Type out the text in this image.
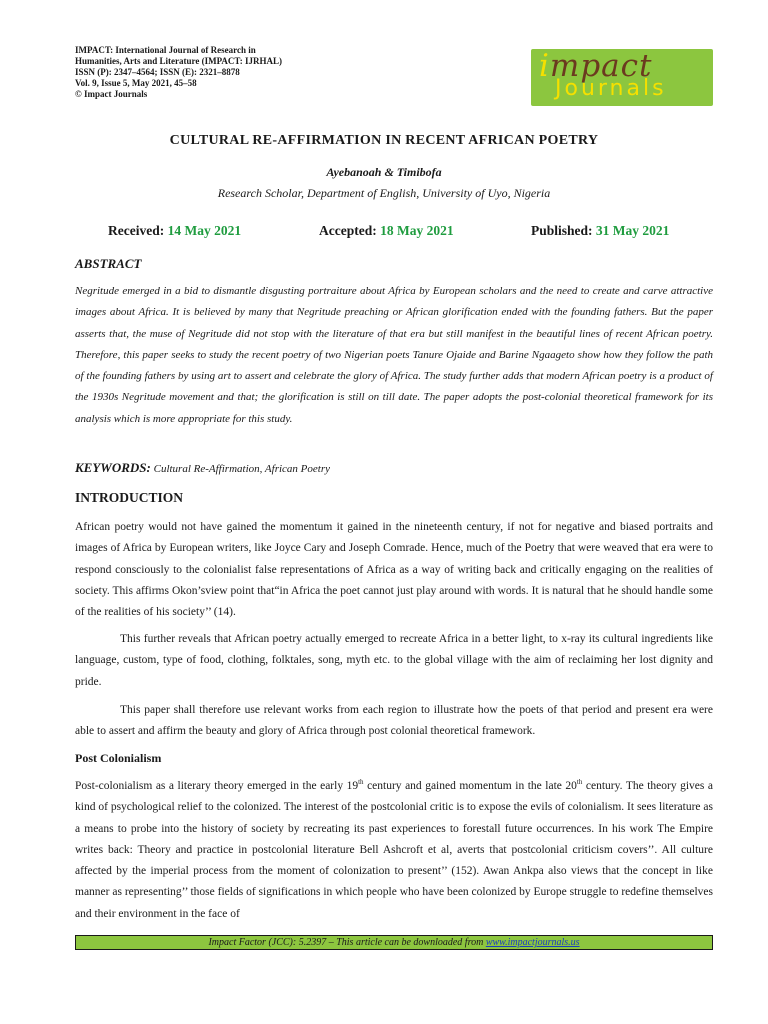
IMPACT: International Journal of Research in
Humanities, Arts and Literature (IMPACT: IJRHAL)
ISSN (P): 2347–4564; ISSN (E): 2321–8878
Vol. 9, Issue 5, May 2021, 45–58
© Impact Journals
impact
Journals
CULTURAL RE-AFFIRMATION IN RECENT AFRICAN POETRY
Ayebanoah & Timibofa
Research Scholar, Department of English, University of Uyo, Nigeria
Received: 14 May 2021	Accepted: 18 May 2021	Published: 31 May 2021
ABSTRACT
Negritude emerged in a bid to dismantle disgusting portraiture about Africa by European scholars and the need to create and carve attractive images about Africa. It is believed by many that Negritude preaching or African glorification ended with the founding fathers. But the paper asserts that, the muse of Negritude did not stop with the literature of that era but still manifest in the beautiful lines of recent African poetry. Therefore, this paper seeks to study the recent poetry of two Nigerian poets Tanure Ojaide and Barine Ngaageto show how they follow the path of the founding fathers by using art to assert and celebrate the glory of Africa. The study further adds that modern African poetry is a product of the 1930s Negritude movement and that; the glorification is still on till date. The paper adopts the post-colonial theoretical framework for its analysis which is more appropriate for this study.
KEYWORDS: Cultural Re-Affirmation, African Poetry
INTRODUCTION
African poetry would not have gained the momentum it gained in the nineteenth century, if not for negative and biased portraits and images of Africa by European writers, like Joyce Cary and Joseph Comrade. Hence, much of the Poetry that were weaved that era were to respond consciously to the colonialist false representations of Africa as a way of writing back and critically engaging on the realities of society. This affirms Okon’sview point that“in Africa the poet cannot just play around with words. It is natural that he should handle some of the realities of his society’’ (14).
This further reveals that African poetry actually emerged to recreate Africa in a better light, to x-ray its cultural ingredients like language, custom, type of food, clothing, folktales, song, myth etc. to the global village with the aim of reclaiming her lost dignity and pride.
This paper shall therefore use relevant works from each region to illustrate how the poets of that period and present era were able to assert and affirm the beauty and glory of Africa through post colonial theoretical framework.
Post Colonialism
Post-colonialism as a literary theory emerged in the early 19th century and gained momentum in the late 20th century. The theory gives a kind of psychological relief to the colonized. The interest of the postcolonial critic is to expose the evils of colonialism. It sees literature as a means to probe into the history of society by recreating its past experiences to forestall future occurrences. In his work The Empire writes back: Theory and practice in postcolonial literature Bell Ashcroft et al, averts that postcolonial criticism covers’’. All culture affected by the imperial process from the moment of colonization to present’’ (152). Awan Ankpa also views that the concept in like manner as representing’’ those fields of significations in which people who have been colonized by Europe struggle to redefine themselves and their environment in the face of
Impact Factor (JCC): 5.2397 – This article can be downloaded from www.impactjournals.us
